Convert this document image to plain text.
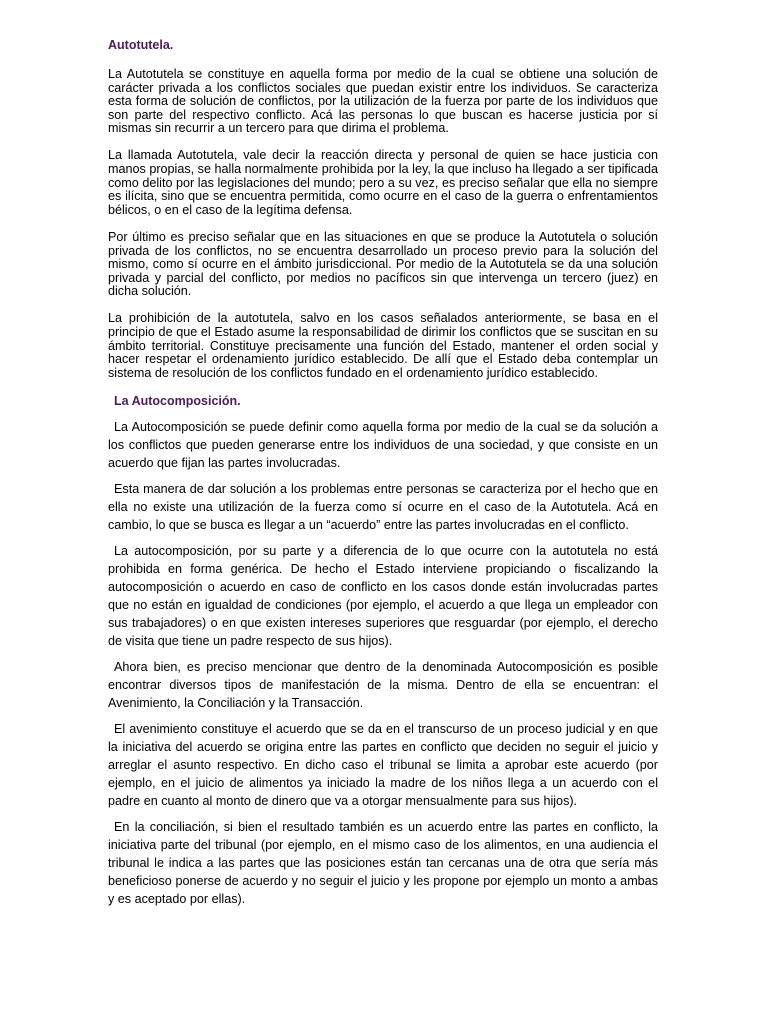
Autotutela.

La Autotutela se constituye en aquella forma por medio de la cual se obtiene una solución de carácter privada a los conflictos sociales que puedan existir entre los individuos. Se caracteriza esta forma de solución de conflictos, por la utilización de la fuerza por parte de los individuos que son parte del respectivo conflicto. Acá las personas lo que buscan es hacerse justicia por sí mismas sin recurrir a un tercero para que dirima el problema.

La llamada Autotutela, vale decir la reacción directa y personal de quien se hace justicia con manos propias, se halla normalmente prohibida por la ley, la que incluso ha llegado a ser tipificada como delito por las legislaciones del mundo; pero a su vez, es preciso señalar que ella no siempre es ilícita, sino que se encuentra permitida, como ocurre en el caso de la guerra o enfrentamientos bélicos, o en el caso de la legítima defensa.

Por último es preciso señalar que en las situaciones en que se produce la Autotutela o solución privada de los conflictos, no se encuentra desarrollado un proceso previo para la solución del mismo, como sí ocurre en el ámbito jurisdiccional. Por medio de la Autotutela se da una solución privada y parcial del conflicto, por medios no pacíficos sin que intervenga un tercero (juez) en dicha solución.

La prohibición de la autotutela, salvo en los casos señalados anteriormente, se basa en el principio de que el Estado asume la responsabilidad de dirimir los conflictos que se suscitan en su ámbito territorial. Constituye precisamente una función del Estado, mantener el orden social y hacer respetar el ordenamiento jurídico establecido. De allí que el Estado deba contemplar un sistema de resolución de los conflictos fundado en el ordenamiento jurídico establecido.

La Autocomposición.

La Autocomposición se puede definir como aquella forma por medio de la cual se da solución a los conflictos que pueden generarse entre los individuos de una sociedad, y que consiste en un acuerdo que fijan las partes involucradas.

Esta manera de dar solución a los problemas entre personas se caracteriza por el hecho que en ella no existe una utilización de la fuerza como sí ocurre en el caso de la Autotutela. Acá en cambio, lo que se busca es llegar a un “acuerdo” entre las partes involucradas en el conflicto.

La autocomposición, por su parte y a diferencia de lo que ocurre con la autotutela no está prohibida en forma genérica. De hecho el Estado interviene propiciando o fiscalizando la autocomposición o acuerdo en caso de conflicto en los casos donde están involucradas partes que no están en igualdad de condiciones (por ejemplo, el acuerdo a que llega un empleador con sus trabajadores) o en que existen intereses superiores que resguardar (por ejemplo, el derecho de visita que tiene un padre respecto de sus hijos).

Ahora bien, es preciso mencionar que dentro de la denominada Autocomposición es posible encontrar diversos tipos de manifestación de la misma. Dentro de ella se encuentran: el Avenimiento, la Conciliación y la Transacción.

El avenimiento constituye el acuerdo que se da en el transcurso de un proceso judicial y en que la iniciativa del acuerdo se origina entre las partes en conflicto que deciden no seguir el juicio y arreglar el asunto respectivo. En dicho caso el tribunal se limita a aprobar este acuerdo (por ejemplo, en el juicio de alimentos ya iniciado la madre de los niños llega a un acuerdo con el padre en cuanto al monto de dinero que va a otorgar mensualmente para sus hijos).

En la conciliación, si bien el resultado también es un acuerdo entre las partes en conflicto, la iniciativa parte del tribunal (por ejemplo, en el mismo caso de los alimentos, en una audiencia el tribunal le indica a las partes que las posiciones están tan cercanas una de otra que sería más beneficioso ponerse de acuerdo y no seguir el juicio y les propone por ejemplo un monto a ambas y es aceptado por ellas).
